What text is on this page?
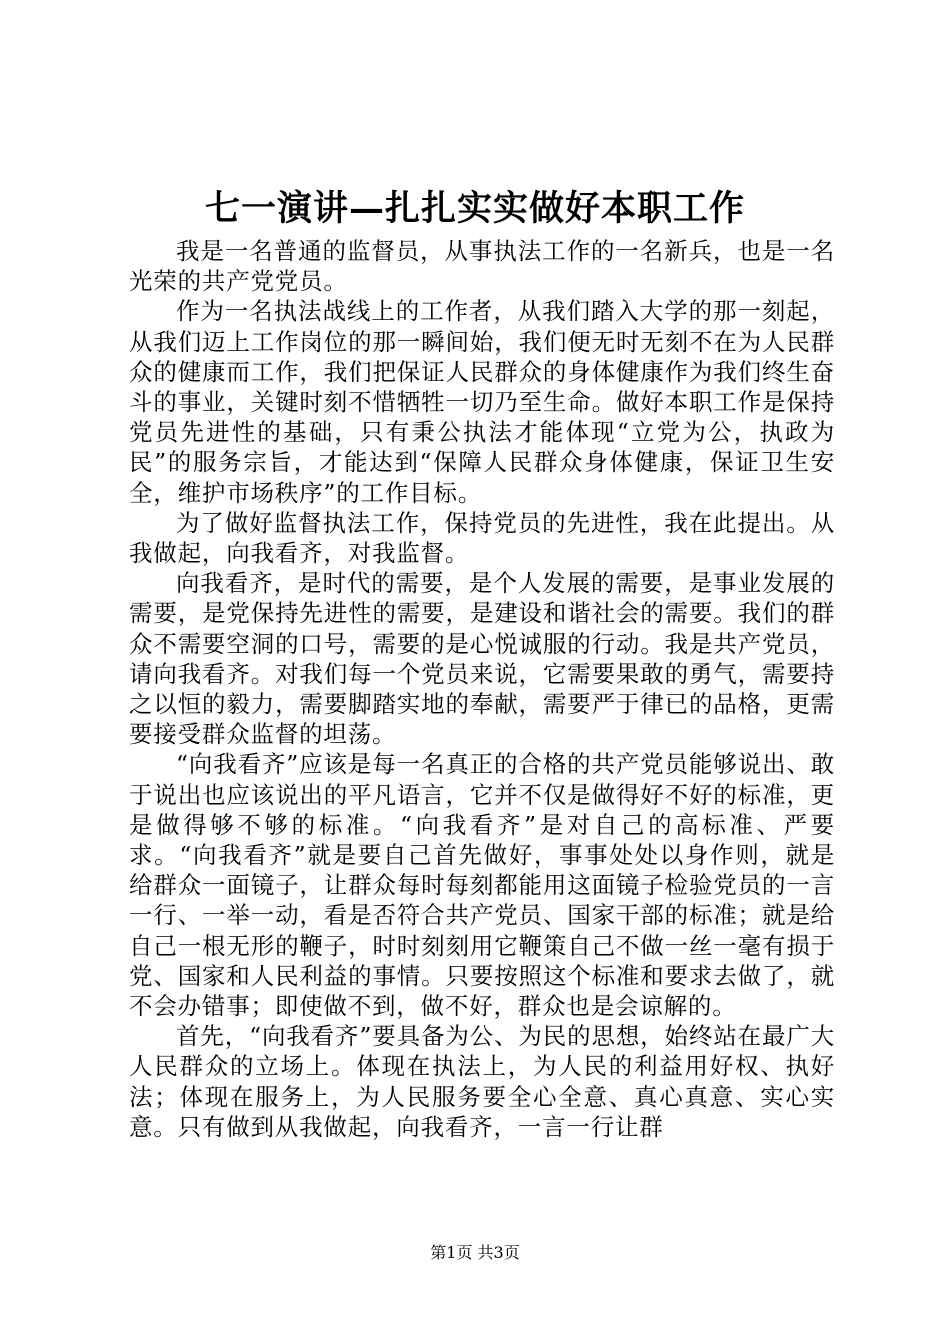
七一演讲—扎扎实实做好本职工作

我是一名普通的监督员，从事执法工作的一名新兵，也是一名光荣的共产党党员。

作为一名执法战线上的工作者，从我们踏入大学的那一刻起，从我们迈上工作岗位的那一瞬间始，我们便无时无刻不在为人民群众的健康而工作，我们把保证人民群众的身体健康作为我们终生奋斗的事业，关键时刻不惜牺牲一切乃至生命。做好本职工作是保持党员先进性的基础，只有秉公执法才能体现“立党为公，执政为民”的服务宗旨，才能达到“保障人民群众身体健康，保证卫生安全，维护市场秩序”的工作目标。

为了做好监督执法工作，保持党员的先进性，我在此提出。从我做起，向我看齐，对我监督。

向我看齐，是时代的需要，是个人发展的需要，是事业发展的需要，是党保持先进性的需要，是建设和谐社会的需要。我们的群众不需要空洞的口号，需要的是心悦诚服的行动。我是共产党员，请向我看齐。对我们每一个党员来说，它需要果敢的勇气，需要持之以恒的毅力，需要脚踏实地的奉献，需要严于律已的品格，更需要接受群众监督的坦荡。

“向我看齐”应该是每一名真正的合格的共产党员能够说出、敢于说出也应该说出的平凡语言，它并不仅是做得好不好的标准，更是做得够不够的标准。“向我看齐”是对自己的高标准、严要求。“向我看齐”就是要自己首先做好，事事处处以身作则，就是给群众一面镜子，让群众每时每刻都能用这面镜子检验党员的一言一行、一举一动，看是否符合共产党员、国家干部的标准；就是给自己一根无形的鞭子，时时刻刻用它鞭策自己不做一丝一毫有损于党、国家和人民利益的事情。只要按照这个标准和要求去做了，就不会办错事；即使做不到，做不好，群众也是会谅解的。

首先，“向我看齐”要具备为公、为民的思想，始终站在最广大人民群众的立场上。体现在执法上，为人民的利益用好权、执好法；体现在服务上，为人民服务要全心全意、真心真意、实心实意。只有做到从我做起，向我看齐，一言一行让群

第1页 共3页
